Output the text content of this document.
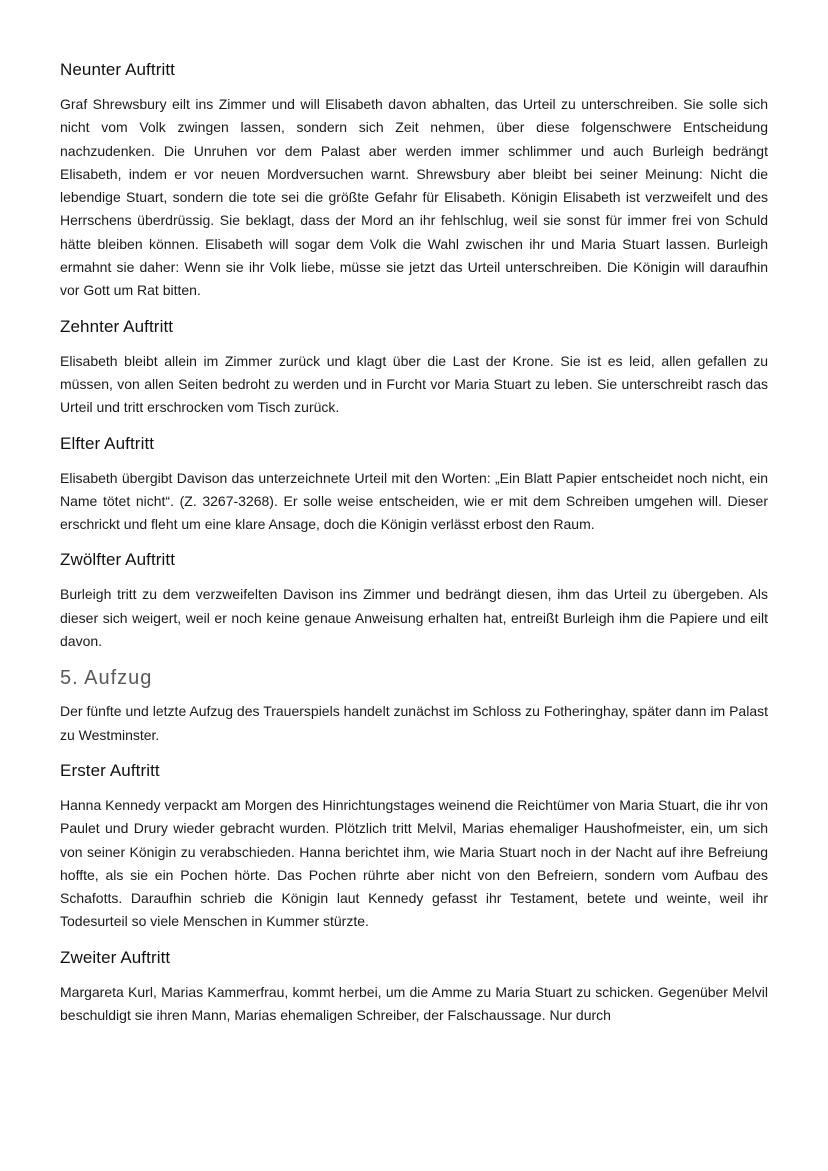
Neunter Auftritt

Graf Shrewsbury eilt ins Zimmer und will Elisabeth davon abhalten, das Urteil zu unterschreiben. Sie solle sich nicht vom Volk zwingen lassen, sondern sich Zeit nehmen, über diese folgenschwere Entscheidung nachzudenken. Die Unruhen vor dem Palast aber werden immer schlimmer und auch Burleigh bedrängt Elisabeth, indem er vor neuen Mordversuchen warnt. Shrewsbury aber bleibt bei seiner Meinung: Nicht die lebendige Stuart, sondern die tote sei die größte Gefahr für Elisabeth. Königin Elisabeth ist verzweifelt und des Herrschens überdrüssig. Sie beklagt, dass der Mord an ihr fehlschlug, weil sie sonst für immer frei von Schuld hätte bleiben können. Elisabeth will sogar dem Volk die Wahl zwischen ihr und Maria Stuart lassen. Burleigh ermahnt sie daher: Wenn sie ihr Volk liebe, müsse sie jetzt das Urteil unterschreiben. Die Königin will daraufhin vor Gott um Rat bitten.

Zehnter Auftritt

Elisabeth bleibt allein im Zimmer zurück und klagt über die Last der Krone. Sie ist es leid, allen gefallen zu müssen, von allen Seiten bedroht zu werden und in Furcht vor Maria Stuart zu leben. Sie unterschreibt rasch das Urteil und tritt erschrocken vom Tisch zurück.

Elfter Auftritt

Elisabeth übergibt Davison das unterzeichnete Urteil mit den Worten: „Ein Blatt Papier entscheidet noch nicht, ein Name tötet nicht“. (Z. 3267-3268). Er solle weise entscheiden, wie er mit dem Schreiben umgehen will. Dieser erschrickt und fleht um eine klare Ansage, doch die Königin verlässt erbost den Raum.

Zwölfter Auftritt

Burleigh tritt zu dem verzweifelten Davison ins Zimmer und bedrängt diesen, ihm das Urteil zu übergeben. Als dieser sich weigert, weil er noch keine genaue Anweisung erhalten hat, entreißt Burleigh ihm die Papiere und eilt davon.

5. Aufzug

Der fünfte und letzte Aufzug des Trauerspiels handelt zunächst im Schloss zu Fotheringhay, später dann im Palast zu Westminster.

Erster Auftritt

Hanna Kennedy verpackt am Morgen des Hinrichtungstages weinend die Reichtümer von Maria Stuart, die ihr von Paulet und Drury wieder gebracht wurden. Plötzlich tritt Melvil, Marias ehemaliger Haushofmeister, ein, um sich von seiner Königin zu verabschieden. Hanna berichtet ihm, wie Maria Stuart noch in der Nacht auf ihre Befreiung hoffte, als sie ein Pochen hörte. Das Pochen rührte aber nicht von den Befreiern, sondern vom Aufbau des Schafotts. Daraufhin schrieb die Königin laut Kennedy gefasst ihr Testament, betete und weinte, weil ihr Todesurteil so viele Menschen in Kummer stürzte.

Zweiter Auftritt

Margareta Kurl, Marias Kammerfrau, kommt herbei, um die Amme zu Maria Stuart zu schicken. Gegenüber Melvil beschuldigt sie ihren Mann, Marias ehemaligen Schreiber, der Falschaussage. Nur durch
